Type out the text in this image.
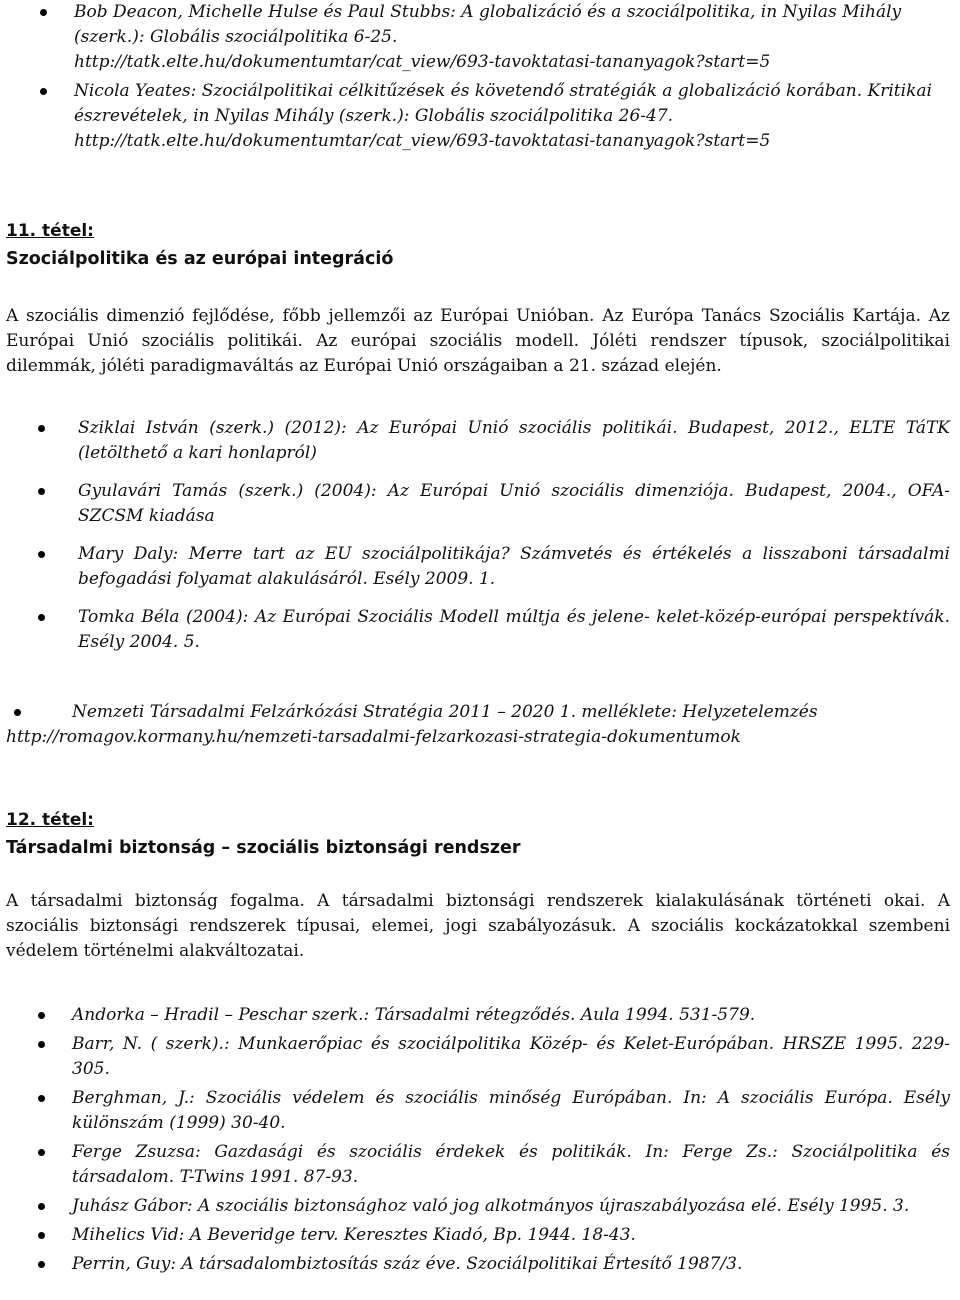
Bob Deacon, Michelle Hulse és Paul Stubbs: A globalizáció és a szociálpolitika, in Nyilas Mihály (szerk.): Globális szociálpolitika 6-25.
http://tatk.elte.hu/dokumentumtar/cat_view/693-tavoktatasi-tananyagok?start=5
Nicola Yeates: Szociálpolitikai célkitűzések és követendő stratégiák a globalizáció korában. Kritikai észrevételek, in Nyilas Mihály (szerk.): Globális szociálpolitika 26-47.
http://tatk.elte.hu/dokumentumtar/cat_view/693-tavoktatasi-tananyagok?start=5
11. tétel:
Szociálpolitika és az európai integráció
A szociális dimenzió fejlődése, főbb jellemzői az Európai Unióban. Az Európa Tanács Szociális Kartája. Az Európai Unió szociális politikái. Az európai szociális modell. Jóléti rendszer típusok, szociálpolitikai dilemmák, jóléti paradigmaváltás az Európai Unió országaiban a 21. század elején.
Sziklai István (szerk.) (2012): Az Európai Unió szociális politikái. Budapest, 2012., ELTE TáTK (letölthető a kari honlapról)
Gyulavári Tamás (szerk.) (2004): Az Európai Unió szociális dimenziója. Budapest, 2004., OFA-SZCSM kiadása
Mary Daly: Merre tart az EU szociálpolitikája? Számvetés és értékelés a lisszaboni társadalmi befogadási folyamat alakulásáról. Esély 2009. 1.
Tomka Béla (2004): Az Európai Szociális Modell múltja és jelene- kelet-közép-európai perspektívák. Esély 2004. 5.
Nemzeti Társadalmi Felzárkózási Stratégia 2011 – 2020 1. melléklete: Helyzetelemzés
http://romagov.kormany.hu/nemzeti-tarsadalmi-felzarkozasi-strategia-dokumentumok
12. tétel:
Társadalmi biztonság – szociális biztonsági rendszer
A társadalmi biztonság fogalma. A társadalmi biztonsági rendszerek kialakulásának történeti okai. A szociális biztonsági rendszerek típusai, elemei, jogi szabályozásuk. A szociális kockázatokkal szembeni védelem történelmi alakváltozatai.
Andorka – Hradil – Peschar szerk.: Társadalmi rétegződés. Aula 1994. 531-579.
Barr, N. ( szerk).: Munkaerőpiac és szociálpolitika Közép- és Kelet-Európában. HRSZE 1995. 229-305.
Berghman, J.: Szociális védelem és szociális minőség Európában. In: A szociális Európa. Esély különszám (1999) 30-40.
Ferge Zsuzsa: Gazdasági és szociális érdekek és politikák. In: Ferge Zs.: Szociálpolitika és társadalom. T-Twins 1991. 87-93.
Juhász Gábor: A szociális biztonsághoz való jog alkotmányos újraszabályozása elé. Esély 1995. 3.
Mihelics Vid: A Beveridge terv. Keresztes Kiadó, Bp. 1944. 18-43.
Perrin, Guy: A társadalombiztosítás száz éve. Szociálpolitikai Értesítő 1987/3.
